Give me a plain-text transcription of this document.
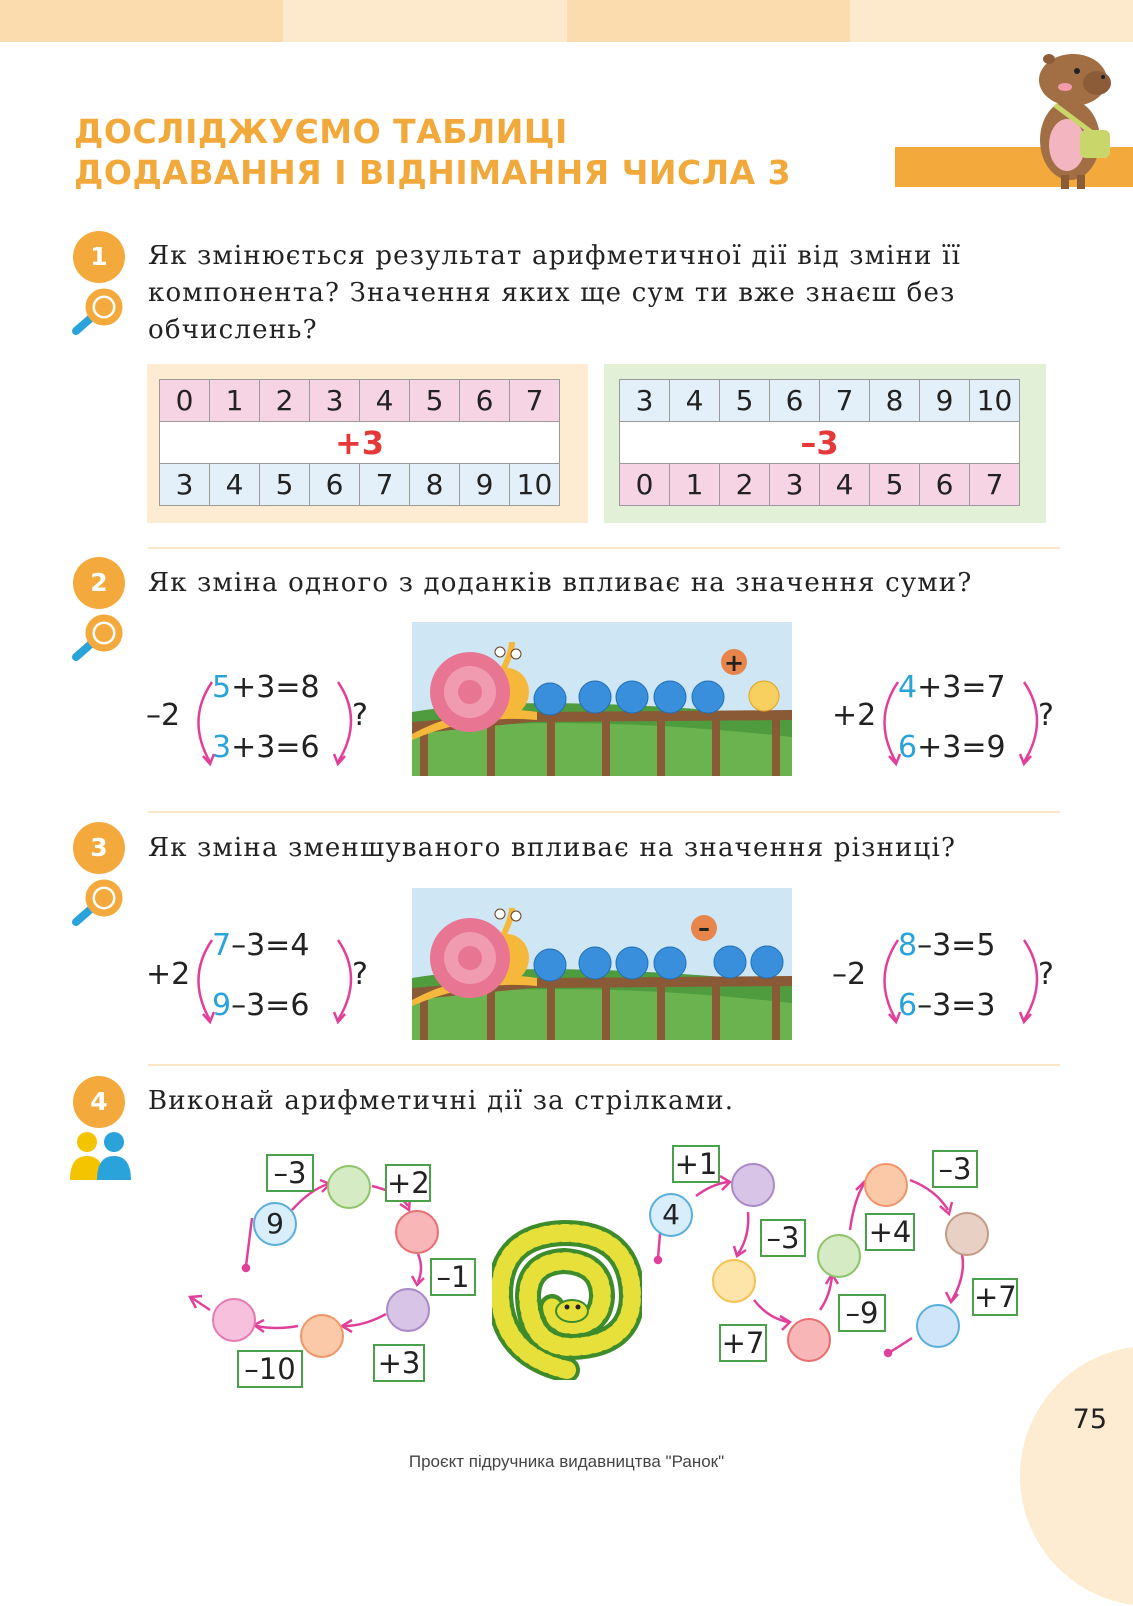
ДОСЛІДЖУЄМО ТАБЛИЦІ
ДОДАВАННЯ І ВІДНІМАННЯ ЧИСЛА 3
1
2
3
4
Як змінюється результат арифметичної дії від зміни її
компонента? Значення яких ще сум ти вже знаєш без
обчислень?
0	1	2	3	4	5	6	7
+3							
3	4	5	6	7	8	9	10
3	4	5	6	7	8	9	10
–3							
0	1	2	3	4	5	6	7
Як зміна одного з доданків впливає на значення суми?
–2
5+3=8
3+3=6
?	+2
4+3=7
6+3=9
?
+
Як зміна зменшуваного впливає на значення різниці?
+2
7–3=4
9–3=6
?	–2
8–3=5
6–3=3
?
–
Виконай арифметичні дії за стрілками.
9
–3	+2
–1
+3
–10
4
+1
–3
+7
–9
+4
–3
+7
75
Проєкт підручника видавництва "Ранок"
